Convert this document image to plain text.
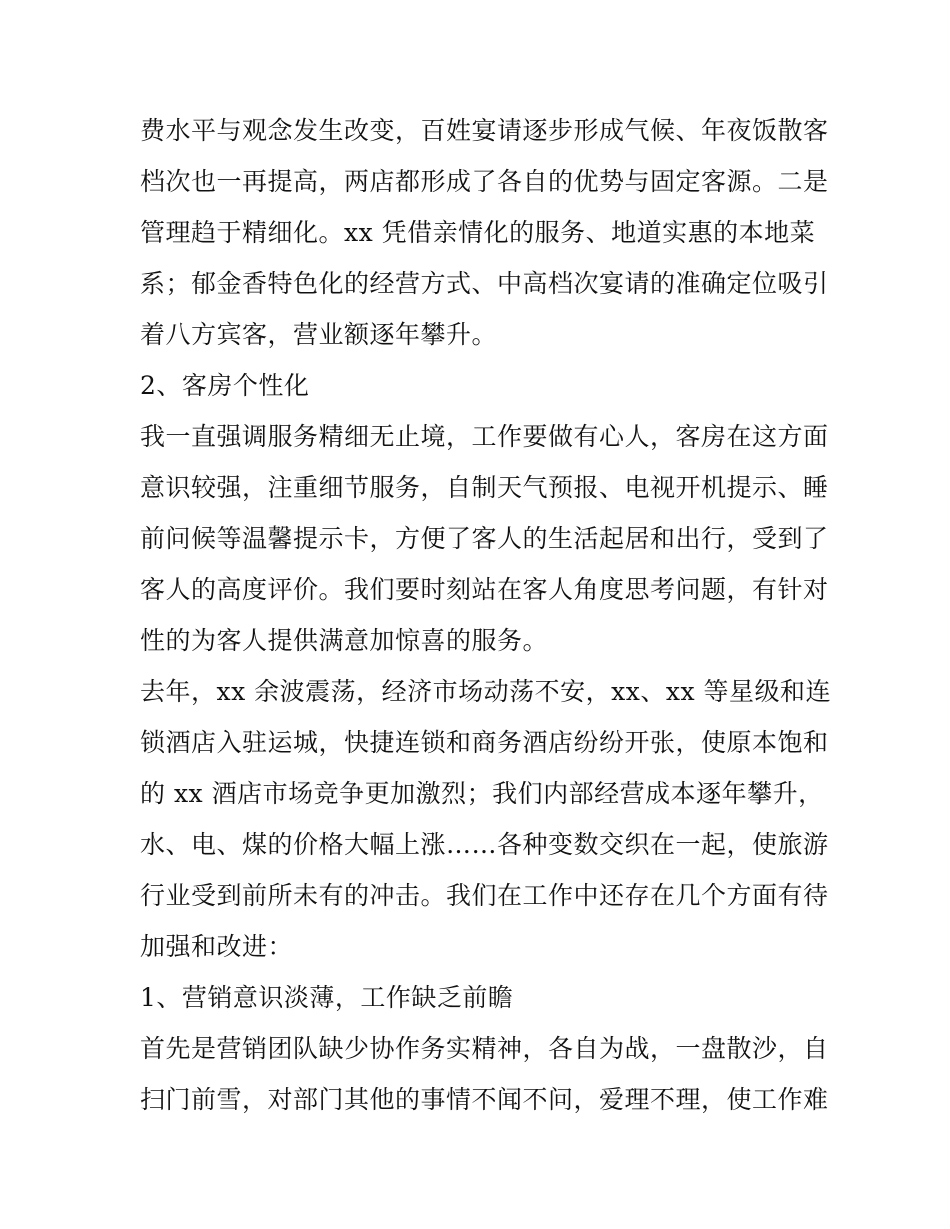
费水平与观念发生改变，百姓宴请逐步形成气候、年夜饭散客

档次也一再提高，两店都形成了各自的优势与固定客源。二是

管理趋于精细化。xx 凭借亲情化的服务、地道实惠的本地菜

系；郁金香特色化的经营方式、中高档次宴请的准确定位吸引

着八方宾客，营业额逐年攀升。

2、客房个性化

我一直强调服务精细无止境，工作要做有心人，客房在这方面

意识较强，注重细节服务，自制天气预报、电视开机提示、睡

前问候等温馨提示卡，方便了客人的生活起居和出行，受到了

客人的高度评价。我们要时刻站在客人角度思考问题，有针对

性的为客人提供满意加惊喜的服务。

去年，xx 余波震荡，经济市场动荡不安，xx、xx 等星级和连

锁酒店入驻运城，快捷连锁和商务酒店纷纷开张，使原本饱和

的 xx 酒店市场竞争更加激烈；我们内部经营成本逐年攀升，

水、电、煤的价格大幅上涨……各种变数交织在一起，使旅游

行业受到前所未有的冲击。我们在工作中还存在几个方面有待

加强和改进：

1、营销意识淡薄，工作缺乏前瞻

首先是营销团队缺少协作务实精神，各自为战，一盘散沙，自

扫门前雪，对部门其他的事情不闻不问，爱理不理，使工作难
